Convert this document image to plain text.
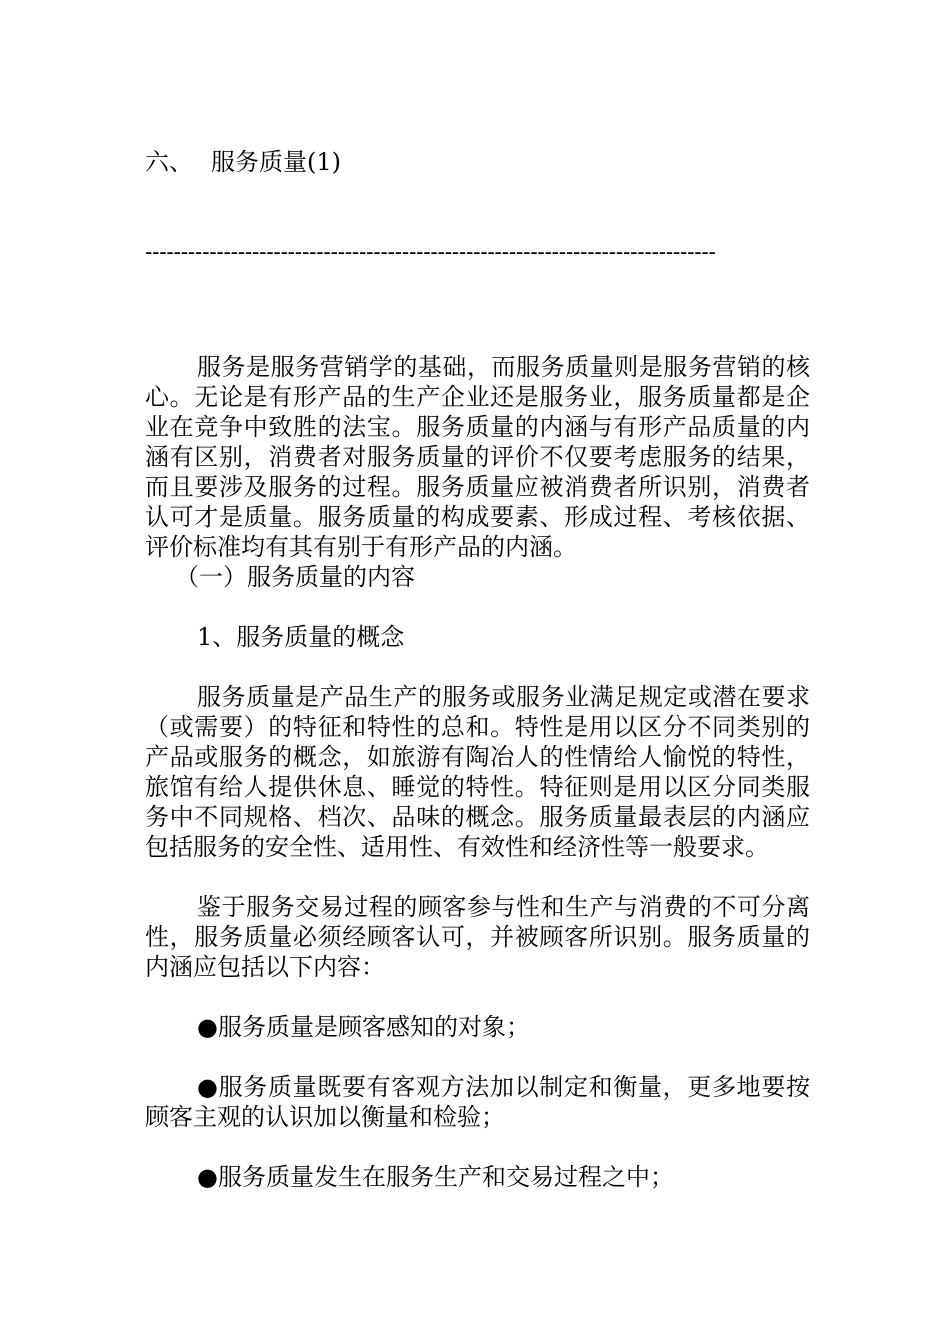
六、 服务质量(1)
--------------------------------------------------------------------------------

服务是服务营销学的基础，而服务质量则是服务营销的核心。无论是有形产品的生产企业还是服务业，服务质量都是企业在竞争中致胜的法宝。服务质量的内涵与有形产品质量的内涵有区别，消费者对服务质量的评价不仅要考虑服务的结果，而且要涉及服务的过程。服务质量应被消费者所识别，消费者认可才是质量。服务质量的构成要素、形成过程、考核依据、评价标准均有其有别于有形产品的内涵。

（一）服务质量的内容

1、服务质量的概念

服务质量是产品生产的服务或服务业满足规定或潜在要求（或需要）的特征和特性的总和。特性是用以区分不同类别的产品或服务的概念，如旅游有陶冶人的性情给人愉悦的特性，旅馆有给人提供休息、睡觉的特性。特征则是用以区分同类服务中不同规格、档次、品味的概念。服务质量最表层的内涵应包括服务的安全性、适用性、有效性和经济性等一般要求。

鉴于服务交易过程的顾客参与性和生产与消费的不可分离性，服务质量必须经顾客认可，并被顾客所识别。服务质量的内涵应包括以下内容：

●服务质量是顾客感知的对象；

●服务质量既要有客观方法加以制定和衡量，更多地要按顾客主观的认识加以衡量和检验；

●服务质量发生在服务生产和交易过程之中；
